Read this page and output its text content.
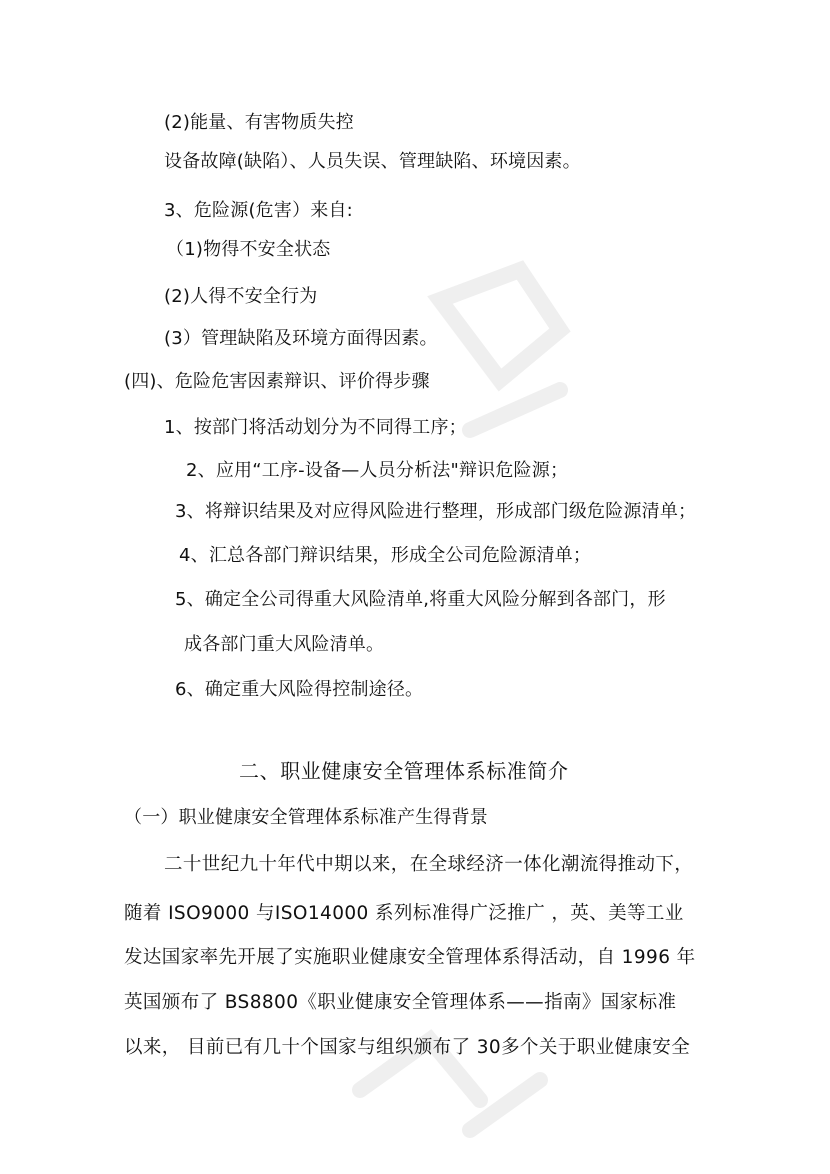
(2)能量、有害物质失控
设备故障(缺陷）、人员失误、管理缺陷、环境因素。
3、危险源(危害）来自:
（1)物得不安全状态
(2)人得不安全行为
(3）管理缺陷及环境方面得因素。
(四)、危险危害因素辩识、评价得步骤
1、按部门将活动划分为不同得工序；
2、应用“工序-设备—人员分析法"辩识危险源；
3、将辩识结果及对应得风险进行整理，形成部门级危险源清单；
4、汇总各部门辩识结果，形成全公司危险源清单；
5、确定全公司得重大风险清单,将重大风险分解到各部门，形
成各部门重大风险清单。
6、确定重大风险得控制途径。
二、职业健康安全管理体系标准简介
（一）职业健康安全管理体系标准产生得背景
二十世纪九十年代中期以来，在全球经济一体化潮流得推动下，
随着 ISO9000 与ISO14000 系列标准得广泛推广 ，英、美等工业
发达国家率先开展了实施职业健康安全管理体系得活动，自 1996 年
英国颁布了 BS8800《职业健康安全管理体系——指南》国家标准
以来， 目前已有几十个国家与组织颁布了 30多个关于职业健康安全
